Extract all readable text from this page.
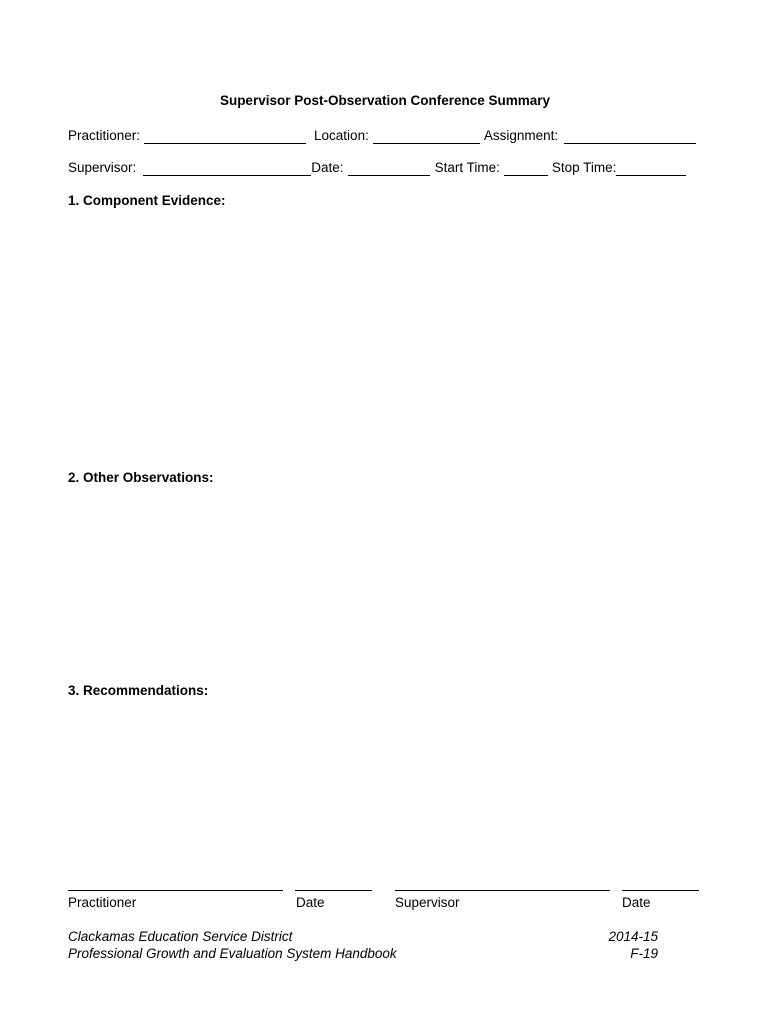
Supervisor Post-Observation Conference Summary
Practitioner:	Location:	Assignment:
Supervisor:	Date:	Start Time:	Stop Time:
1. Component Evidence:
2. Other Observations:
3. Recommendations:
Practitioner	Date	Supervisor	Date
Clackamas Education Service District
Professional Growth and Evaluation System Handbook
2014-15
F-19
